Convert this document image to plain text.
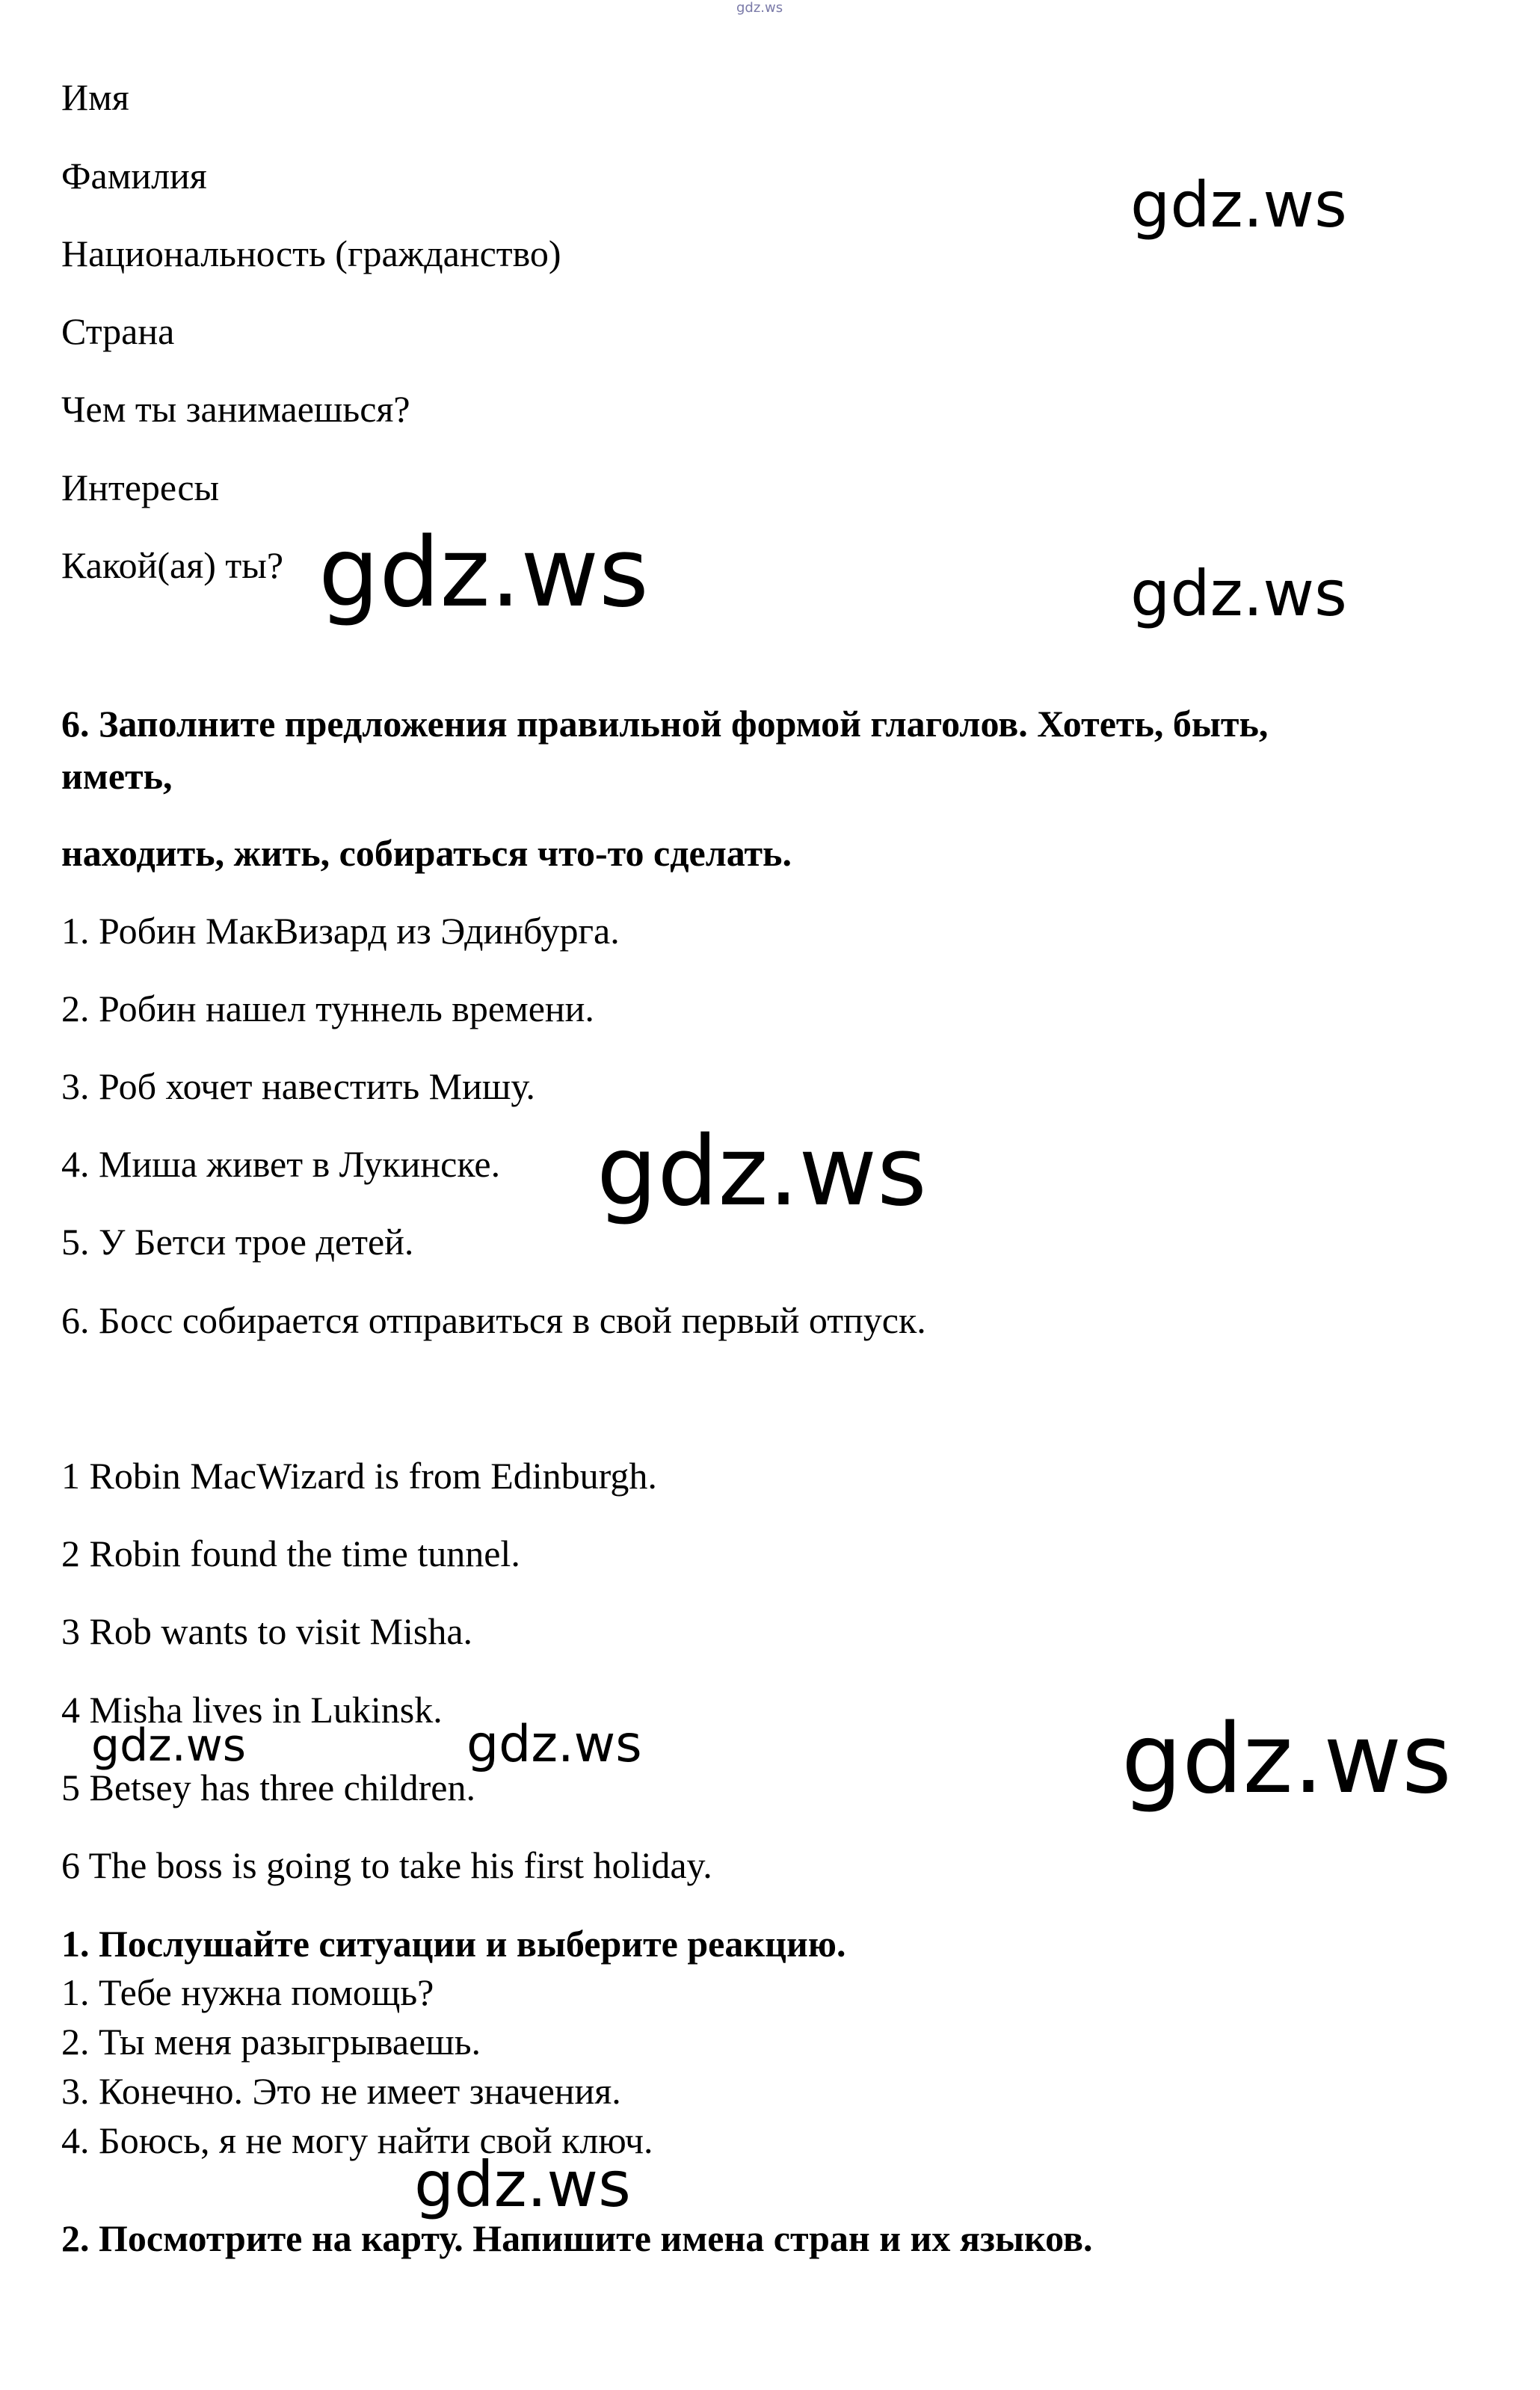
gdz.ws
Имя
Фамилия
Национальность (гражданство)
Страна
Чем ты занимаешься?
Интересы
Какой(ая) ты?
6. Заполните предложения правильной формой глаголов. Хотеть, быть,
иметь,
находить, жить, собираться что-то сделать.
1. Робин МакВизард из Эдинбурга.
2. Робин нашел туннель времени.
3. Роб хочет навестить Мишу.
4. Миша живет в Лукинске.
5. У Бетси трое детей.
6. Босс собирается отправиться в свой первый отпуск.
1 Robin MacWizard is from Edinburgh.
2 Robin found the time tunnel.
3 Rob wants to visit Misha.
4 Misha lives in Lukinsk.
5 Betsey has three children.
6 The boss is going to take his first holiday.
1. Послушайте ситуации и выберите реакцию.
1. Тебе нужна помощь?
2. Ты меня разыгрываешь.
3. Конечно. Это не имеет значения.
4. Боюсь, я не могу найти свой ключ.
2. Посмотрите на карту. Напишите имена стран и их языков.
gdz.ws
gdz.ws	gdz.ws
gdz.ws
gdz.ws	gdz.ws	gdz.ws
gdz.ws
